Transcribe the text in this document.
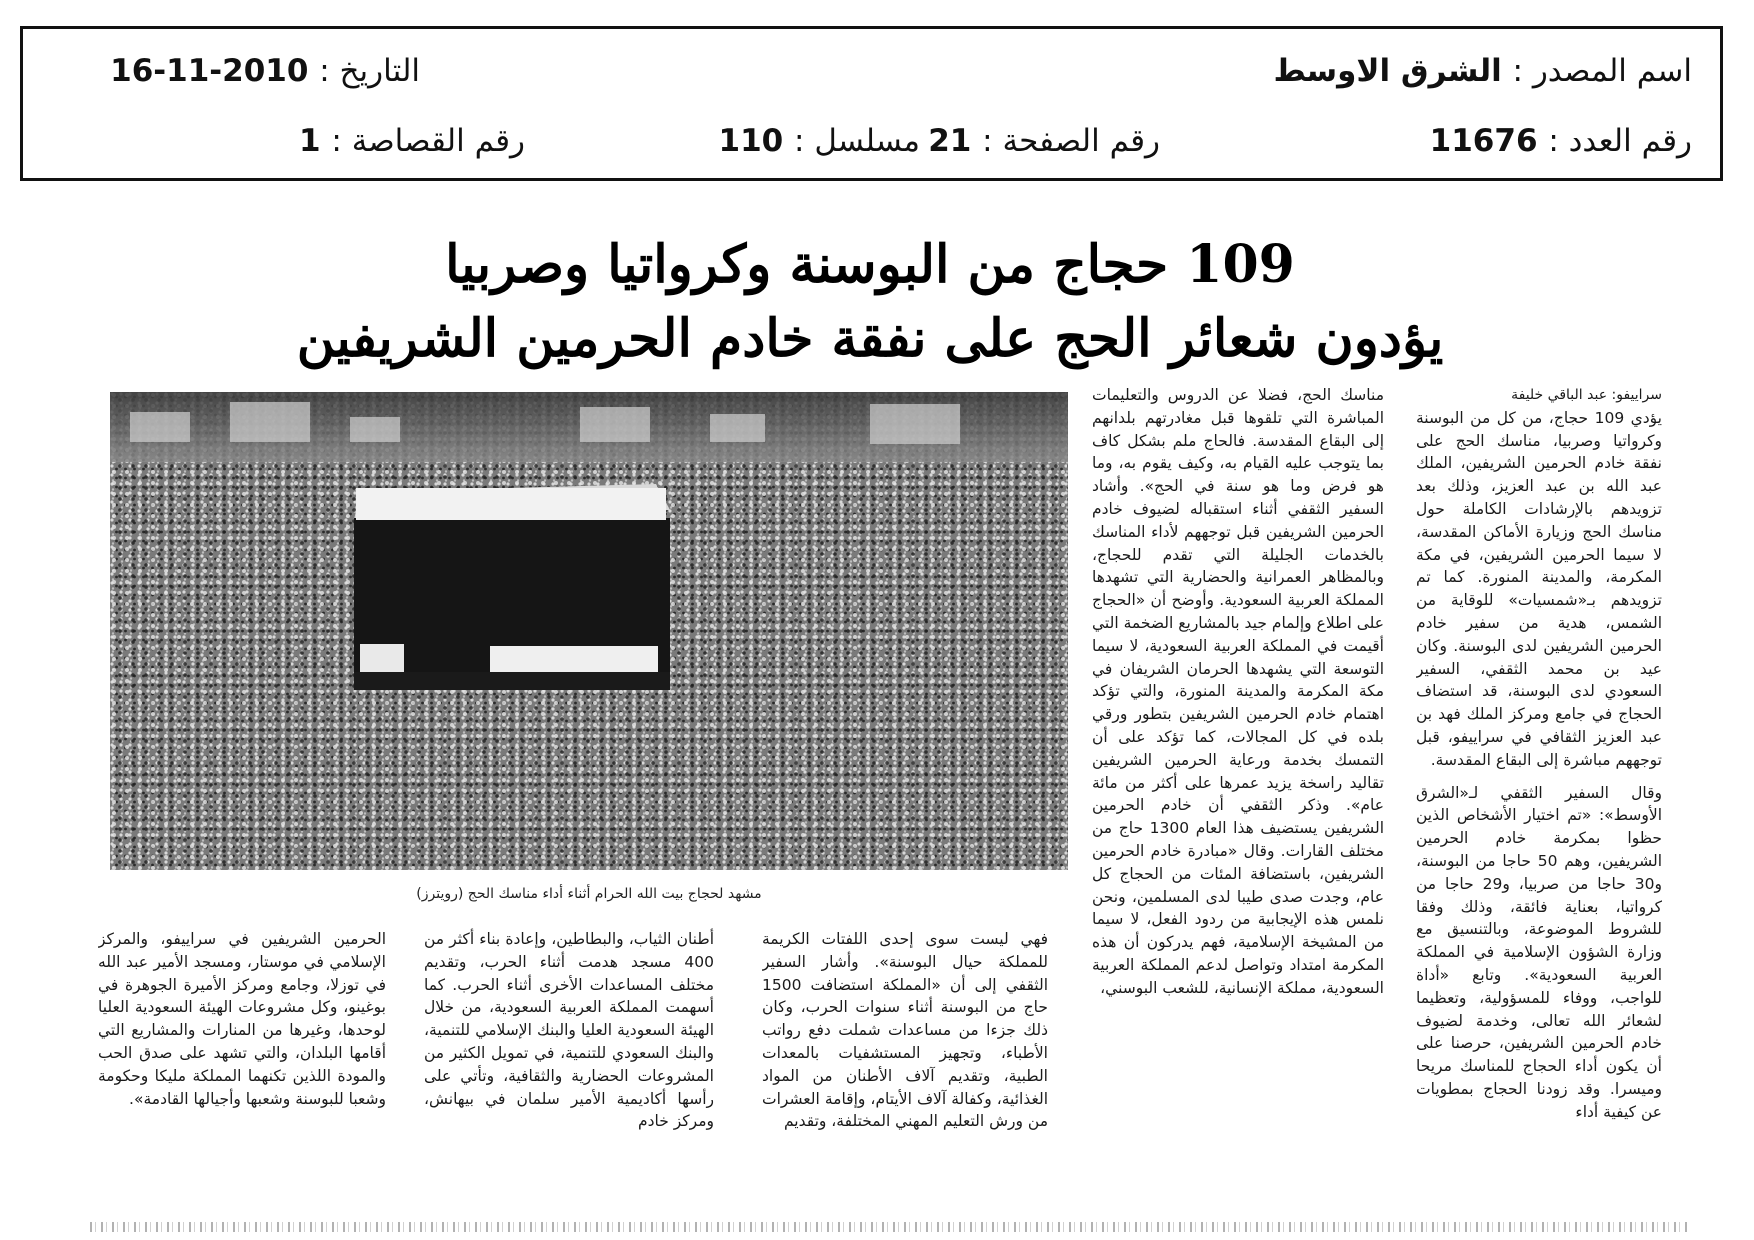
اسم المصدر : الشرق الاوسط
التاريخ : 16-11-2010
رقم العدد : 11676
رقم الصفحة : 21
مسلسل : 110
رقم القصاصة : 1
109 حجاج من البوسنة وكرواتيا وصربيا
يؤدون شعائر الحج على نفقة خادم الحرمين الشريفين
مشهد لحجاج بيت الله الحرام أثناء أداء مناسك الحج (رويترز)

سراييفو: عبد الباقي خليفة

يؤدي 109 حجاج، من كل من البوسنة وكرواتيا وصربيا، مناسك الحج على نفقة خادم الحرمين الشريفين، الملك عبد الله بن عبد العزيز، وذلك بعد تزويدهم بالإرشادات الكاملة حول مناسك الحج وزيارة الأماكن المقدسة، لا سيما الحرمين الشريفين، في مكة المكرمة، والمدينة المنورة. كما تم تزويدهم بـ«شمسيات» للوقاية من الشمس، هدية من سفير خادم الحرمين الشريفين لدى البوسنة. وكان عيد بن محمد الثقفي، السفير السعودي لدى البوسنة، قد استضاف الحجاج في جامع ومركز الملك فهد بن عبد العزيز الثقافي في سراييفو، قبل توجههم مباشرة إلى البقاع المقدسة.

وقال السفير الثقفي لـ«الشرق الأوسط»: «تم اختيار الأشخاص الذين حظوا بمكرمة خادم الحرمين الشريفين، وهم 50 حاجا من البوسنة، و30 حاجا من صربيا، و29 حاجا من كرواتيا، بعناية فائقة، وذلك وفقا للشروط الموضوعة، وبالتنسيق مع وزارة الشؤون الإسلامية في المملكة العربية السعودية». وتابع «أداة للواجب، ووفاء للمسؤولية، وتعظيما لشعائر الله تعالى، وخدمة لضيوف خادم الحرمين الشريفين، حرصنا على أن يكون أداء الحجاج للمناسك مريحا وميسرا. وقد زودنا الحجاج بمطويات عن كيفية أداء

مناسك الحج، فضلا عن الدروس والتعليمات المباشرة التي تلقوها قبل مغادرتهم بلدانهم إلى البقاع المقدسة. فالحاج ملم بشكل كاف بما يتوجب عليه القيام به، وكيف يقوم به، وما هو فرض وما هو سنة في الحج». وأشاد السفير الثقفي أثناء استقباله لضيوف خادم الحرمين الشريفين قبل توجههم لأداء المناسك بالخدمات الجليلة التي تقدم للحجاج، وبالمظاهر العمرانية والحضارية التي تشهدها المملكة العربية السعودية. وأوضح أن «الحجاج على اطلاع وإلمام جيد بالمشاريع الضخمة التي أقيمت في المملكة العربية السعودية، لا سيما التوسعة التي يشهدها الحرمان الشريفان في مكة المكرمة والمدينة المنورة، والتي تؤكد اهتمام خادم الحرمين الشريفين بتطور ورقي بلده في كل المجالات، كما تؤكد على أن التمسك بخدمة ورعاية الحرمين الشريفين تقاليد راسخة يزيد عمرها على أكثر من مائة عام». وذكر الثقفي أن خادم الحرمين الشريفين يستضيف هذا العام 1300 حاج من مختلف القارات. وقال «مبادرة خادم الحرمين الشريفين، باستضافة المئات من الحجاج كل عام، وجدت صدى طيبا لدى المسلمين، ونحن نلمس هذه الإيجابية من ردود الفعل، لا سيما من المشيخة الإسلامية، فهم يدركون أن هذه المكرمة امتداد وتواصل لدعم المملكة العربية السعودية، مملكة الإنسانية، للشعب البوسني،

فهي ليست سوى إحدى اللفتات الكريمة للمملكة حيال البوسنة». وأشار السفير الثقفي إلى أن «المملكة استضافت 1500 حاج من البوسنة أثناء سنوات الحرب، وكان ذلك جزءا من مساعدات شملت دفع رواتب الأطباء، وتجهيز المستشفيات بالمعدات الطبية، وتقديم آلاف الأطنان من المواد الغذائية، وكفالة آلاف الأيتام، وإقامة العشرات من ورش التعليم المهني المختلفة، وتقديم

أطنان الثياب، والبطاطين، وإعادة بناء أكثر من 400 مسجد هدمت أثناء الحرب، وتقديم مختلف المساعدات الأخرى أثناء الحرب. كما أسهمت المملكة العربية السعودية، من خلال الهيئة السعودية العليا والبنك الإسلامي للتنمية، والبنك السعودي للتنمية، في تمويل الكثير من المشروعات الحضارية والثقافية، وتأتي على رأسها أكاديمية الأمير سلمان في بيهانش، ومركز خادم

الحرمين الشريفين في سراييفو، والمركز الإسلامي في موستار، ومسجد الأمير عبد الله في توزلا، وجامع ومركز الأميرة الجوهرة في بوغينو، وكل مشروعات الهيئة السعودية العليا لوحدها، وغيرها من المنارات والمشاريع التي أقامها البلدان، والتي تشهد على صدق الحب والمودة اللذين تكنهما المملكة مليكا وحكومة وشعبا للبوسنة وشعبها وأجيالها القادمة».
